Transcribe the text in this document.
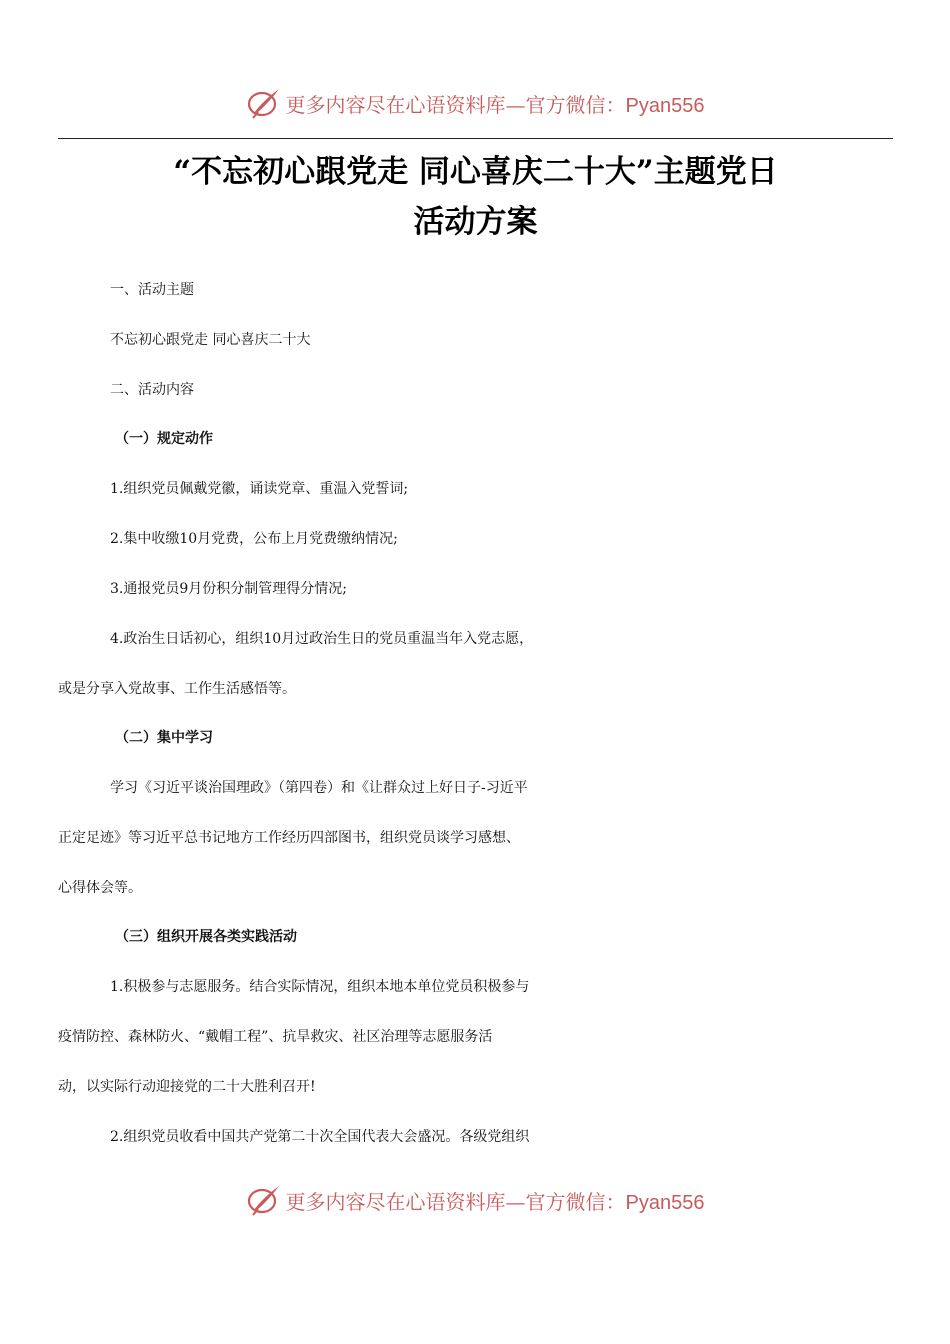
更多内容尽在心语资料库—官方微信：Pyan556
“不忘初心跟党走 同心喜庆二十大”主题党日
活动方案
一、活动主题
不忘初心跟党走 同心喜庆二十大
二、活动内容
（一）规定动作
1.组织党员佩戴党徽，诵读党章、重温入党誓词;
2.集中收缴10月党费，公布上月党费缴纳情况;
3.通报党员9月份积分制管理得分情况;
4.政治生日话初心，组织10月过政治生日的党员重温当年入党志愿，
或是分享入党故事、工作生活感悟等。
（二）集中学习
学习《习近平谈治国理政》（第四卷）和《让群众过上好日子-习近平
正定足迹》等习近平总书记地方工作经历四部图书，组织党员谈学习感想、
心得体会等。
（三）组织开展各类实践活动
1.积极参与志愿服务。结合实际情况，组织本地本单位党员积极参与
疫情防控、森林防火、“戴帽工程”、抗旱救灾、社区治理等志愿服务活
动，以实际行动迎接党的二十大胜利召开!
2.组织党员收看中国共产党第二十次全国代表大会盛况。各级党组织
更多内容尽在心语资料库—官方微信：Pyan556
